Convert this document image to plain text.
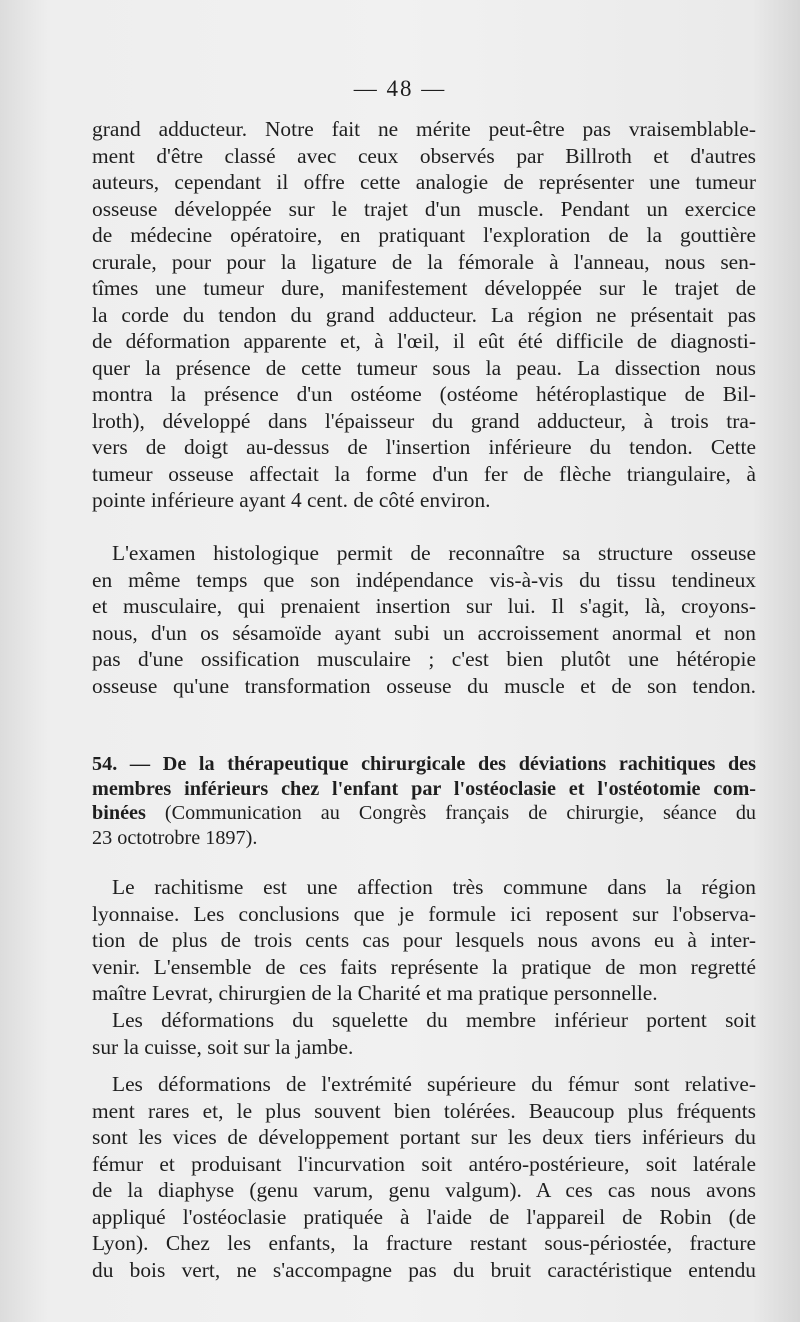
— 48 —
grand adducteur. Notre fait ne mérite peut-être pas vraisemblable-
ment d'être classé avec ceux observés par Billroth et d'autres
auteurs, cependant il offre cette analogie de représenter une tumeur
osseuse développée sur le trajet d'un muscle. Pendant un exercice
de médecine opératoire, en pratiquant l'exploration de la gouttière
crurale, pour pour la ligature de la fémorale à l'anneau, nous sen-
tîmes une tumeur dure, manifestement développée sur le trajet de
la corde du tendon du grand adducteur. La région ne présentait pas
de déformation apparente et, à l'œil, il eût été difficile de diagnosti-
quer la présence de cette tumeur sous la peau. La dissection nous
montra la présence d'un ostéome (ostéome hétéroplastique de Bil-
lroth), développé dans l'épaisseur du grand adducteur, à trois tra-
vers de doigt au-dessus de l'insertion inférieure du tendon. Cette
tumeur osseuse affectait la forme d'un fer de flèche triangulaire, à
pointe inférieure ayant 4 cent. de côté environ.
L'examen histologique permit de reconnaître sa structure osseuse
en même temps que son indépendance vis-à-vis du tissu tendineux
et musculaire, qui prenaient insertion sur lui. Il s'agit, là, croyons-
nous, d'un os sésamoïde ayant subi un accroissement anormal et non
pas d'une ossification musculaire ; c'est bien plutôt une hétéropie
osseuse qu'une transformation osseuse du muscle et de son tendon.
54. — De la thérapeutique chirurgicale des déviations rachitiques des
membres inférieurs chez l'enfant par l'ostéoclasie et l'ostéotomie com-
binées (Communication au Congrès français de chirurgie, séance du
23 octotrobre 1897).
Le rachitisme est une affection très commune dans la région
lyonnaise. Les conclusions que je formule ici reposent sur l'observa-
tion de plus de trois cents cas pour lesquels nous avons eu à inter-
venir. L'ensemble de ces faits représente la pratique de mon regretté
maître Levrat, chirurgien de la Charité et ma pratique personnelle.
Les déformations du squelette du membre inférieur portent soit
sur la cuisse, soit sur la jambe.
Les déformations de l'extrémité supérieure du fémur sont relative-
ment rares et, le plus souvent bien tolérées. Beaucoup plus fréquents
sont les vices de développement portant sur les deux tiers inférieurs du
fémur et produisant l'incurvation soit antéro-postérieure, soit latérale
de la diaphyse (genu varum, genu valgum). A ces cas nous avons
appliqué l'ostéoclasie pratiquée à l'aide de l'appareil de Robin (de
Lyon). Chez les enfants, la fracture restant sous-périostée, fracture
du bois vert, ne s'accompagne pas du bruit caractéristique entendu
